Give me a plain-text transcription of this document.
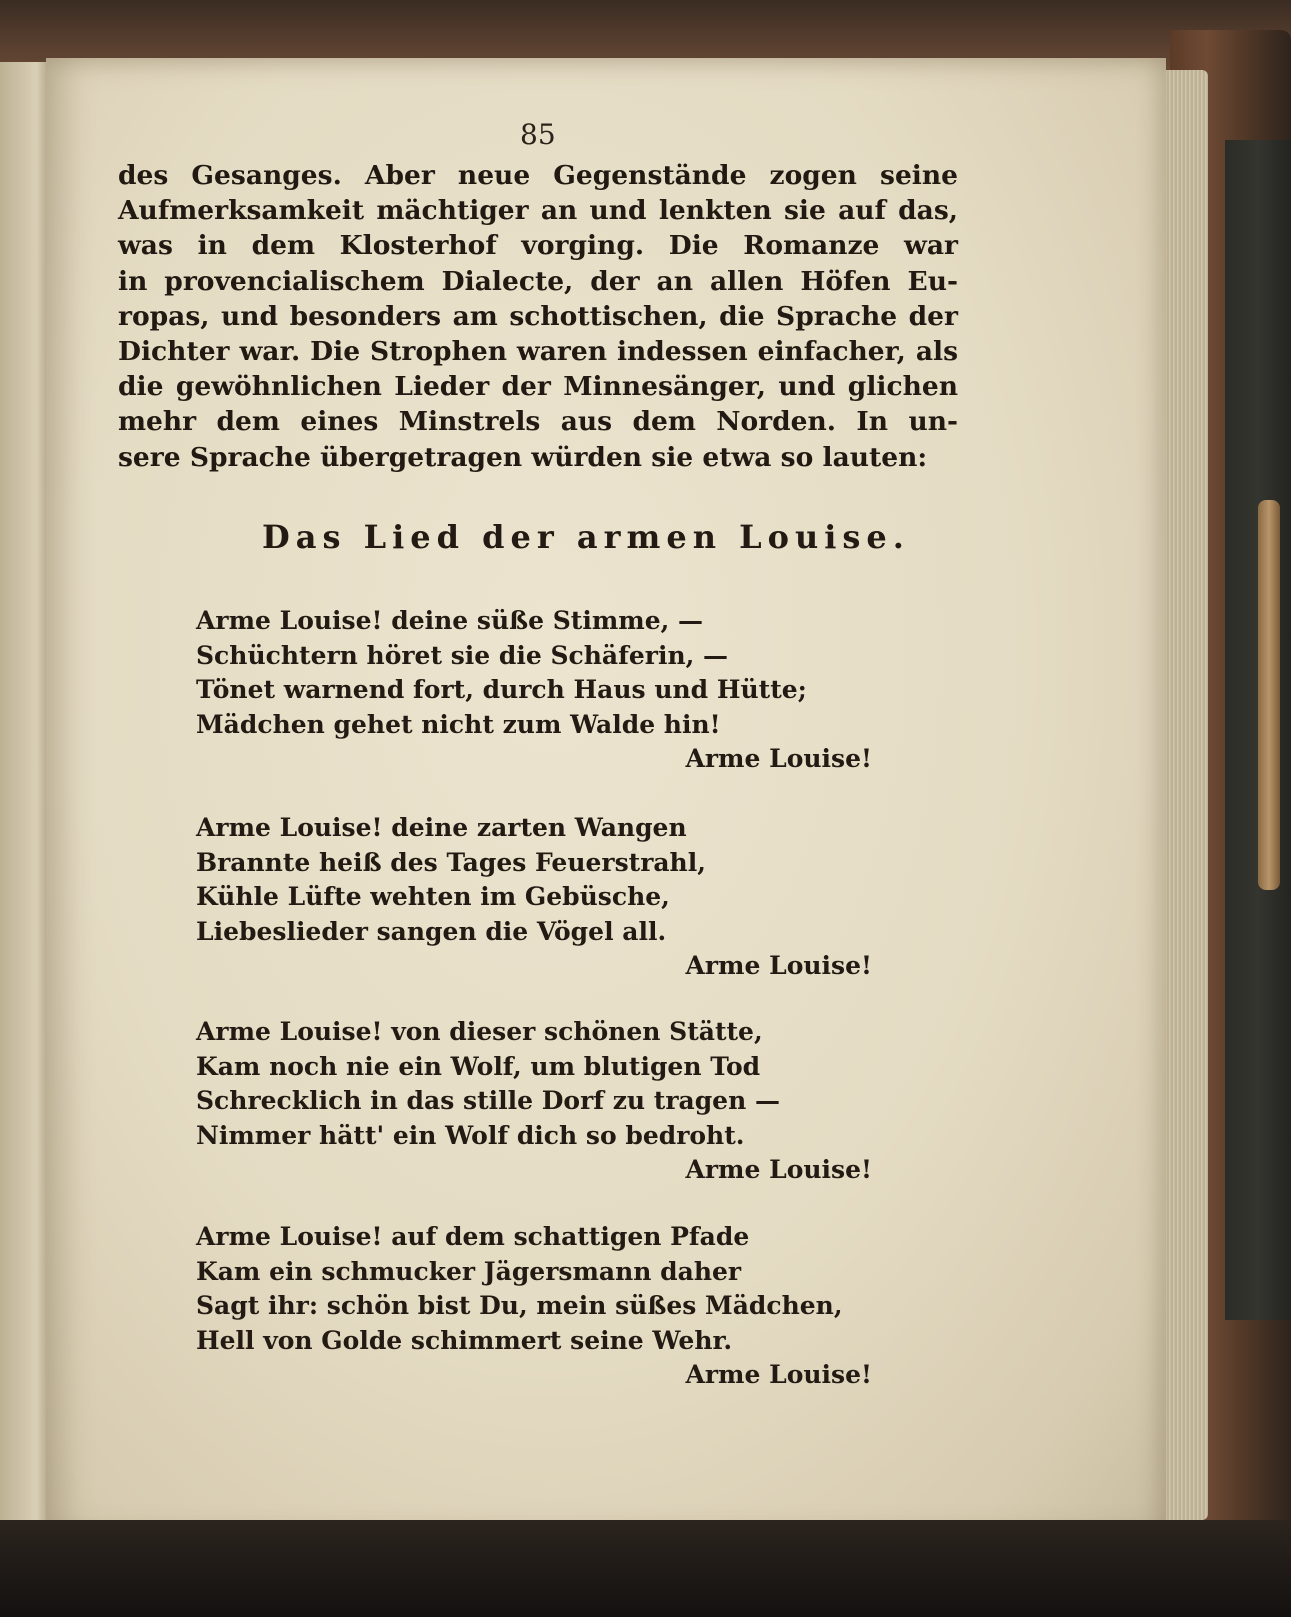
85
des Gesanges. Aber neue Gegenstände zogen seine
Aufmerksamkeit mächtiger an und lenkten sie auf das,
was in dem Klosterhof vorging. Die Romanze war
in provencialischem Dialecte, der an allen Höfen Eu-
ropas, und besonders am schottischen, die Sprache der
Dichter war. Die Strophen waren indessen einfacher, als
die gewöhnlichen Lieder der Minnesänger, und glichen
mehr dem eines Minstrels aus dem Norden. In un-
sere Sprache übergetragen würden sie etwa so lauten:
Das Lied der armen Louise.
Arme Louise! deine süße Stimme, —
Schüchtern höret sie die Schäferin, —
Tönet warnend fort, durch Haus und Hütte;
Mädchen gehet nicht zum Walde hin!
Arme Louise!
Arme Louise! deine zarten Wangen
Brannte heiß des Tages Feuerstrahl,
Kühle Lüfte wehten im Gebüsche,
Liebeslieder sangen die Vögel all.
Arme Louise!
Arme Louise! von dieser schönen Stätte,
Kam noch nie ein Wolf, um blutigen Tod
Schrecklich in das stille Dorf zu tragen —
Nimmer hätt' ein Wolf dich so bedroht.
Arme Louise!
Arme Louise! auf dem schattigen Pfade
Kam ein schmucker Jägersmann daher
Sagt ihr: schön bist Du, mein süßes Mädchen,
Hell von Golde schimmert seine Wehr.
Arme Louise!
